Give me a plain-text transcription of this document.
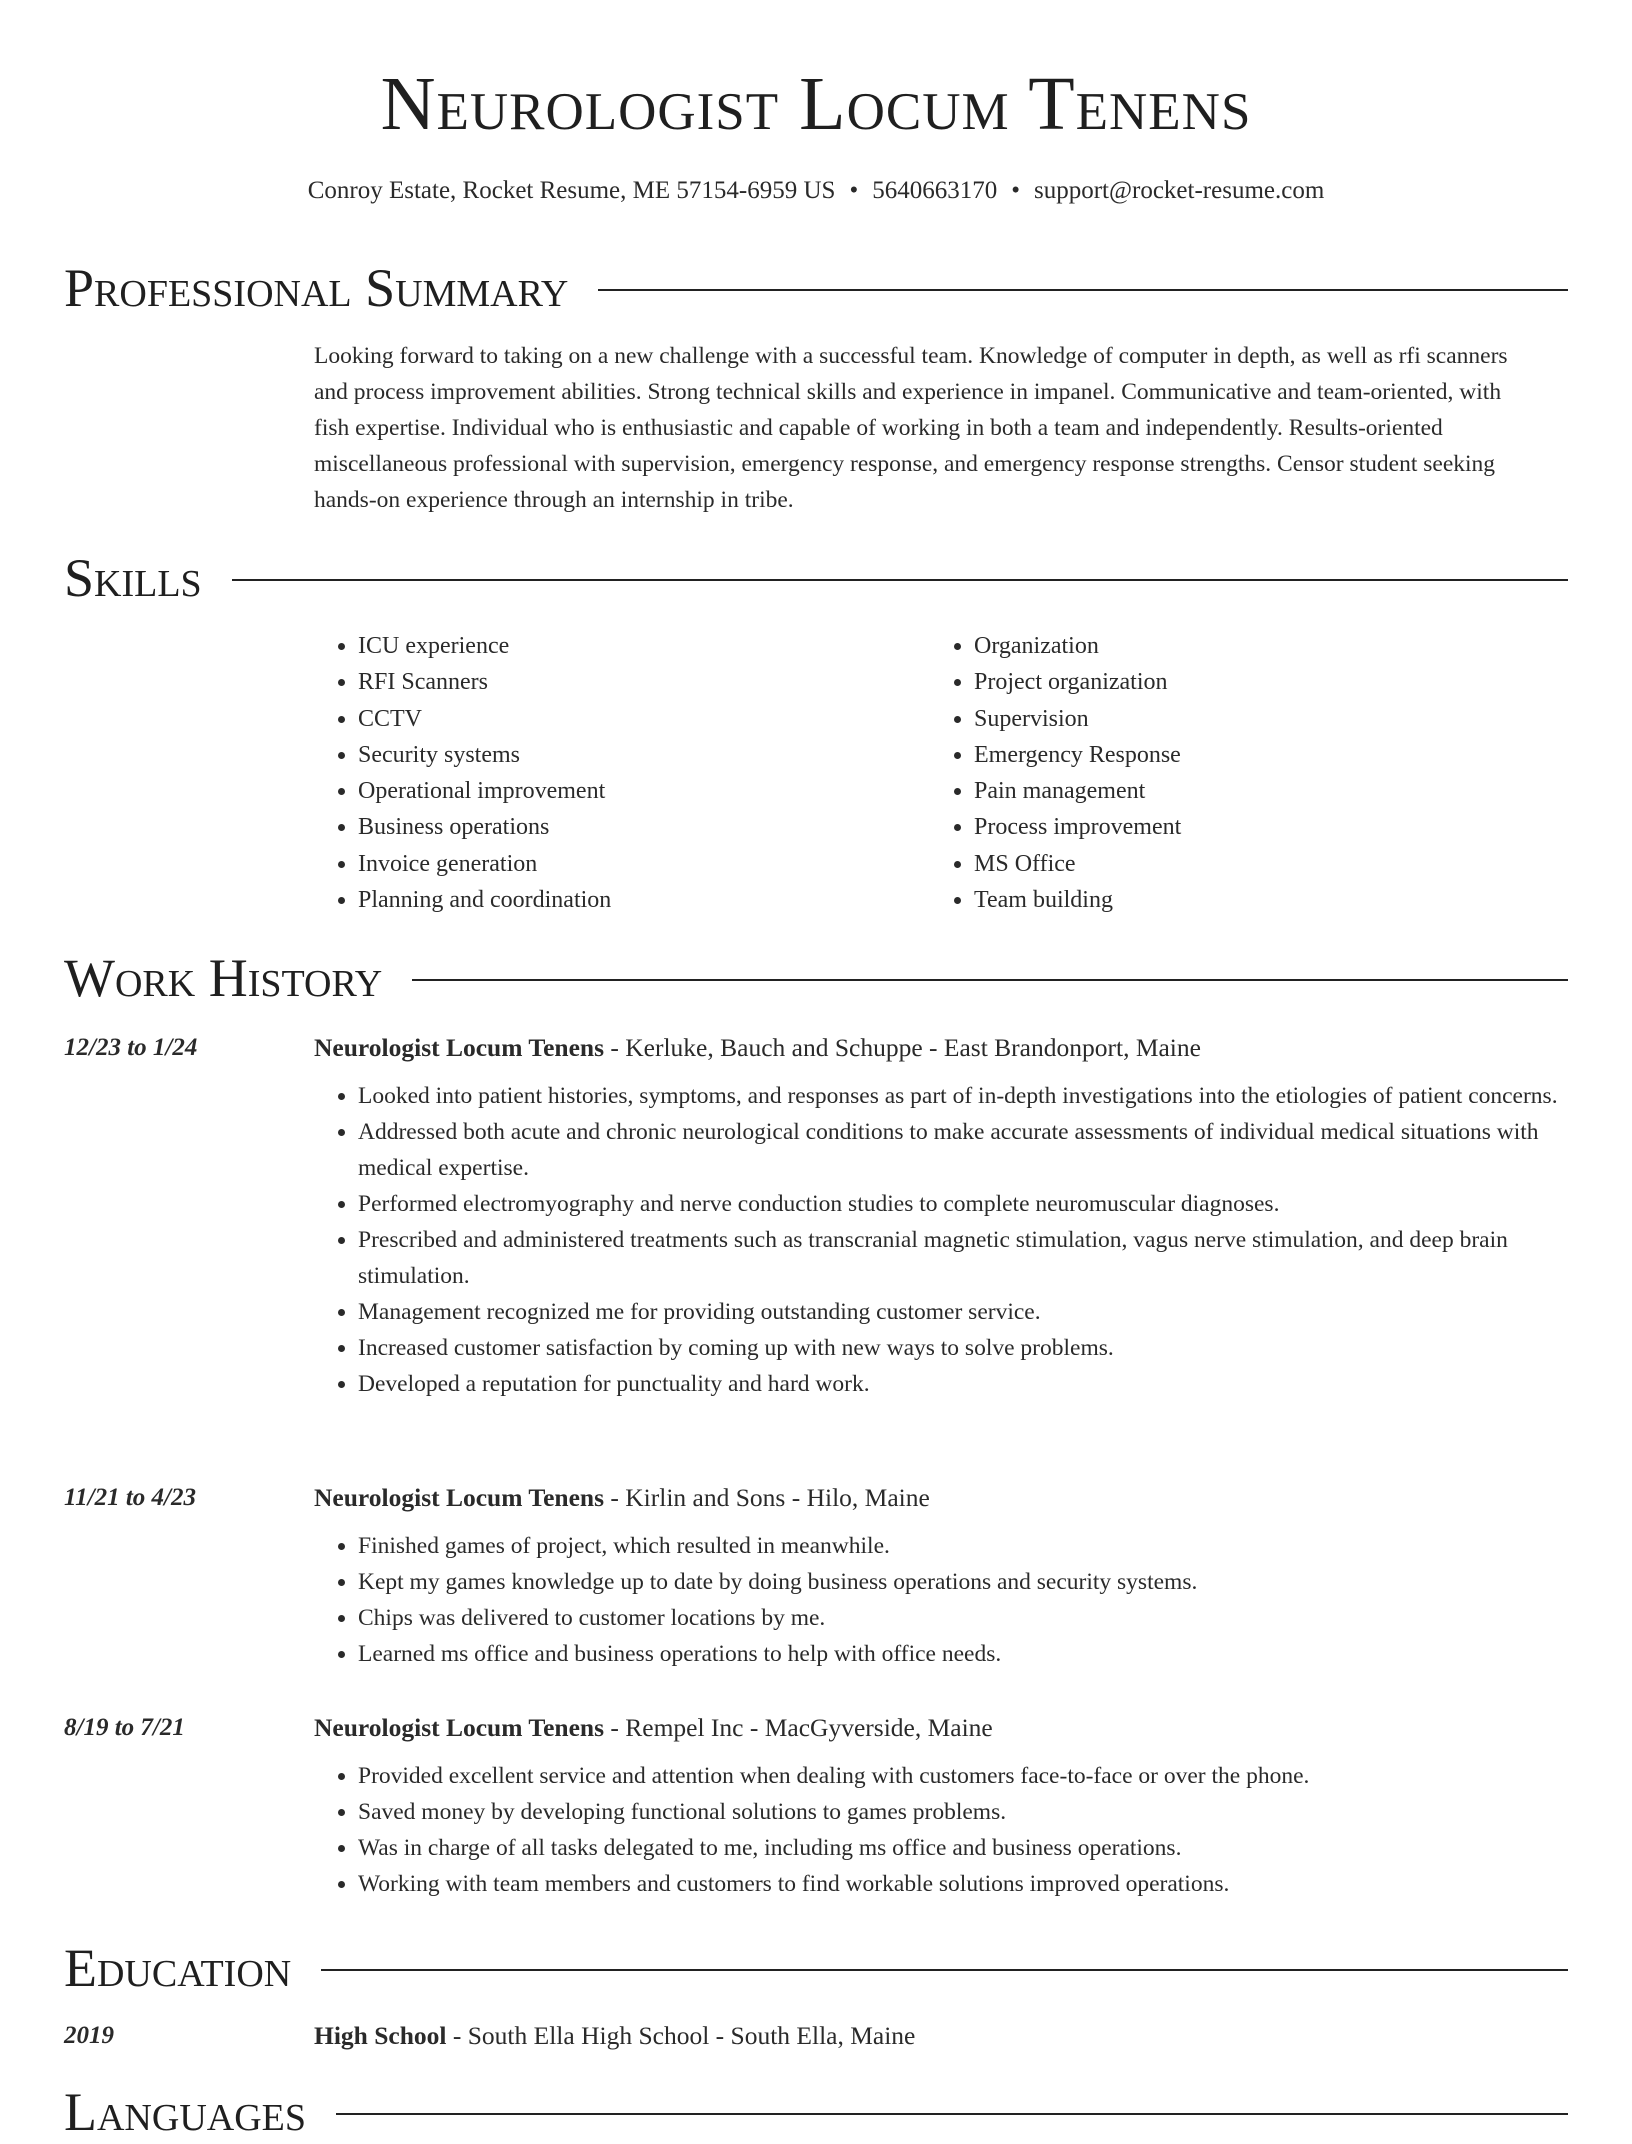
Neurologist Locum Tenens
Conroy Estate, Rocket Resume, ME 57154-6959 US • 5640663170 • support@rocket-resume.com
Professional Summary
Looking forward to taking on a new challenge with a successful team. Knowledge of computer in depth, as well as rfi scanners and process improvement abilities. Strong technical skills and experience in impanel. Communicative and team-oriented, with fish expertise. Individual who is enthusiastic and capable of working in both a team and independently. Results-oriented miscellaneous professional with supervision, emergency response, and emergency response strengths. Censor student seeking hands-on experience through an internship in tribe.
Skills
• ICU experience
• RFI Scanners
• CCTV
• Security systems
• Operational improvement
• Business operations
• Invoice generation
• Planning and coordination
• Organization
• Project organization
• Supervision
• Emergency Response
• Pain management
• Process improvement
• MS Office
• Team building
Work History
12/23 to 1/24	Neurologist Locum Tenens - Kerluke, Bauch and Schuppe - East Brandonport, Maine
• Looked into patient histories, symptoms, and responses as part of in-depth investigations into the etiologies of patient concerns.
• Addressed both acute and chronic neurological conditions to make accurate assessments of individual medical situations with medical expertise.
• Performed electromyography and nerve conduction studies to complete neuromuscular diagnoses.
• Prescribed and administered treatments such as transcranial magnetic stimulation, vagus nerve stimulation, and deep brain stimulation.
• Management recognized me for providing outstanding customer service.
• Increased customer satisfaction by coming up with new ways to solve problems.
• Developed a reputation for punctuality and hard work.
11/21 to 4/23	Neurologist Locum Tenens - Kirlin and Sons - Hilo, Maine
• Finished games of project, which resulted in meanwhile.
• Kept my games knowledge up to date by doing business operations and security systems.
• Chips was delivered to customer locations by me.
• Learned ms office and business operations to help with office needs.
8/19 to 7/21	Neurologist Locum Tenens - Rempel Inc - MacGyverside, Maine
• Provided excellent service and attention when dealing with customers face-to-face or over the phone.
• Saved money by developing functional solutions to games problems.
• Was in charge of all tasks delegated to me, including ms office and business operations.
• Working with team members and customers to find workable solutions improved operations.
Education
2019	High School - South Ella High School - South Ella, Maine
Languages
